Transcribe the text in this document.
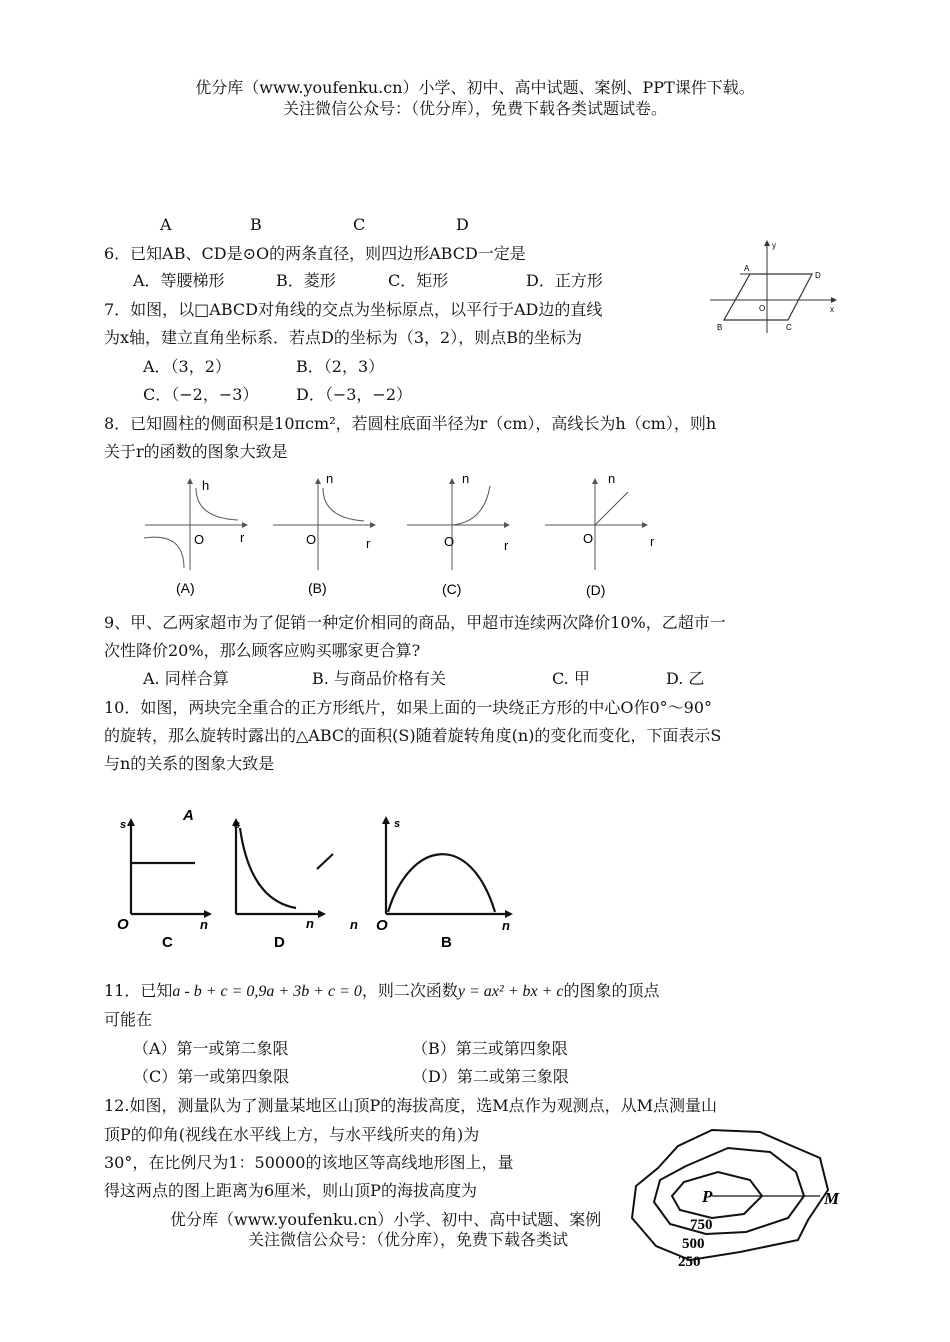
优分库（www.youfenku.cn）小学、初中、高中试题、案例、PPT课件下载。
关注微信公众号：（优分库），免费下载各类试题试卷。
A	B	C	D
6．已知AB、CD是⊙O的两条直径，则四边形ABCD一定是
A．等腰梯形	B．菱形	C．矩形	D．正方形
7．如图，以□ABCD对角线的交点为坐标原点，以平行于AD边的直线
为x轴，建立直角坐标系．若点D的坐标为（3，2），则点B的坐标为
A．（3，2）	B．（2，3）
C．（−2，−3） D．（−3，−2）
A
D
B	C
O	x
y
8．已知圆柱的侧面积是10πcm²，若圆柱底面半径为r（cm），高线长为h（cm），则h
关于r的函数的图象大致是
h
O	r
(A)
n
O	r
(B)
n
O	r
(C)
n
O	r
(D)
9、甲、乙两家超市为了促销一种定价相同的商品，甲超市连续两次降价10%，乙超市一
次性降价20%，那么顾客应购买哪家更合算?
A. 同样合算	B. 与商品价格有关	C. 甲	D. 乙
10．如图，两块完全重合的正方形纸片，如果上面的一块绕正方形的中心O作0°～90°
的旋转，那么旋转时露出的△ABC的面积(S)随着旋转角度(n)的变化而变化，下面表示S
与n的关系的图象大致是
A
s
O	n
s
n	n
s
O	n
C	D	B
11．已知a - b + c = 0,9a + 3b + c = 0，则二次函数y = ax² + bx + c的图象的顶点
可能在
（A）第一或第二象限	（B）第三或第四象限
（C）第一或第四象限	（D）第二或第三象限
12.如图，测量队为了测量某地区山顶P的海拔高度，选M点作为观测点，从M点测量山
顶P的仰角(视线在水平线上方，与水平线所夹的角)为
30°，在比例尺为1：50000的该地区等高线地形图上，量
得这两点的图上距离为6厘米，则山顶P的海拔高度为	P	M
750
500
250
优分库（www.youfenku.cn）小学、初中、高中试题、案例
关注微信公众号：（优分库），免费下载各类试
